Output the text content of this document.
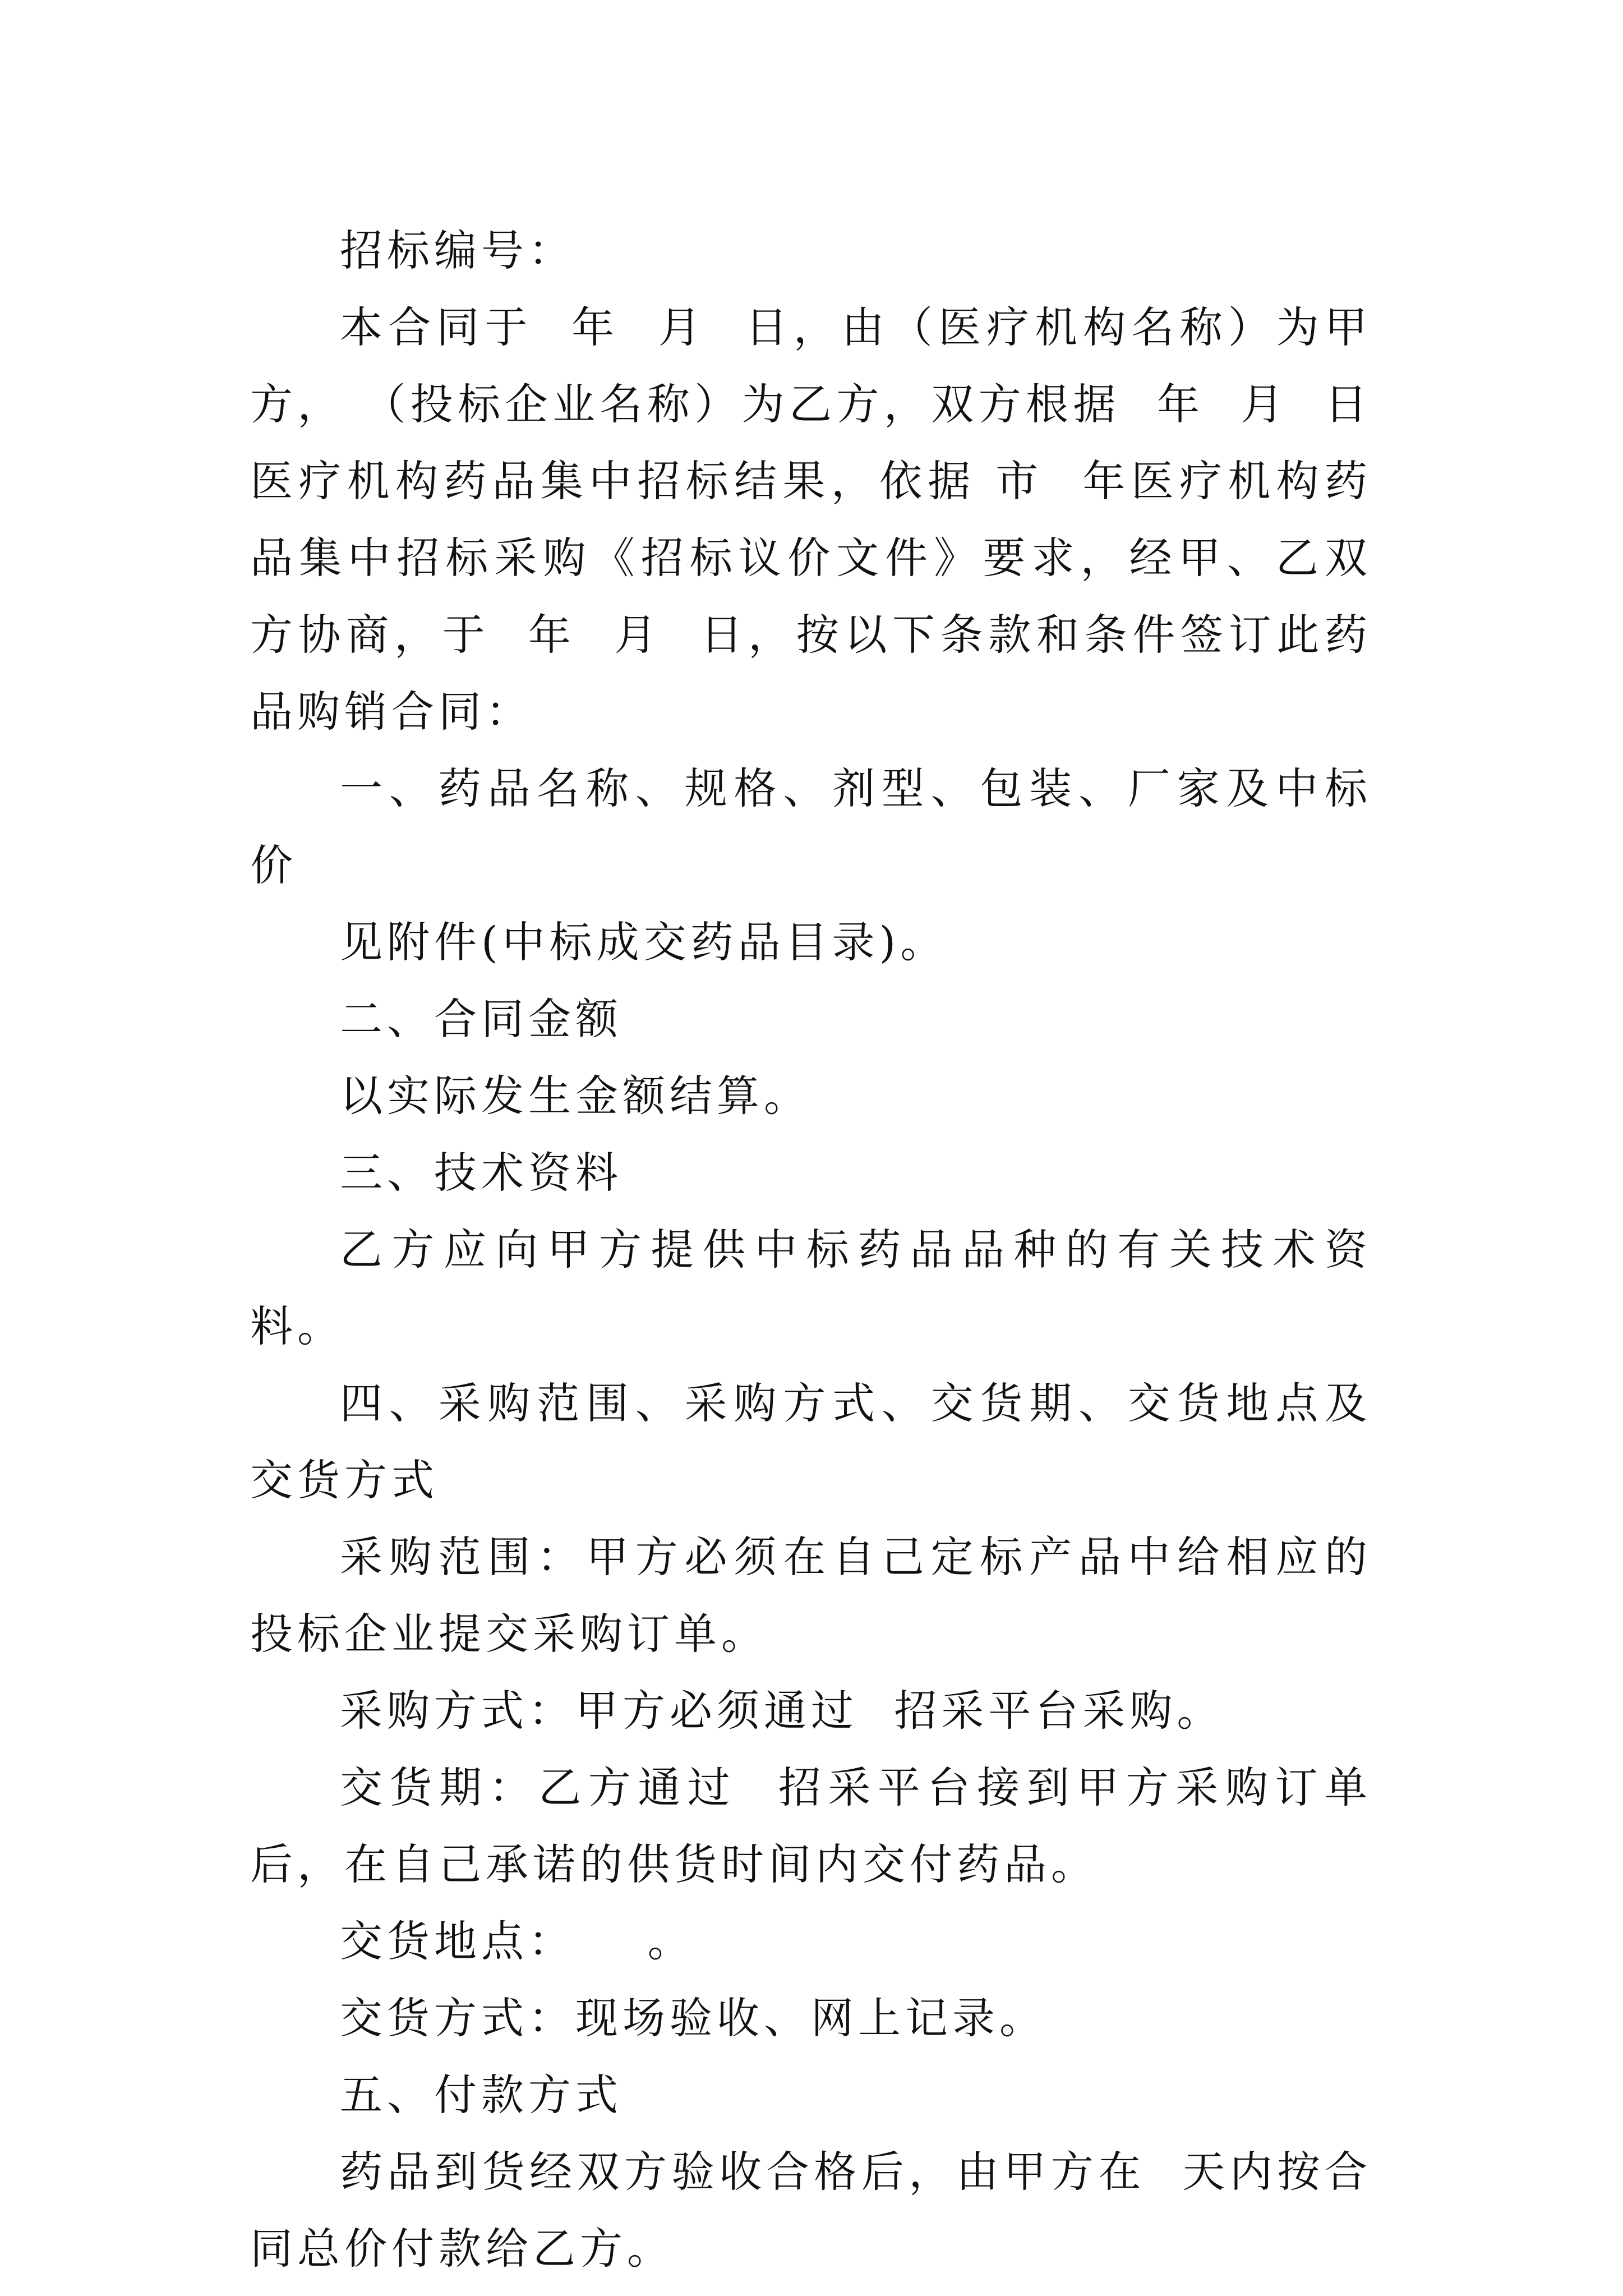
招标编号：

本合同于  年  月  日，由（医疗机构名称）为甲方， （投标企业名称）为乙方，双方根据  年  月  日 医疗机构药品集中招标结果，依据 市  年医疗机构药品集中招标采购《招标议价文件》要求，经甲、乙双方协商，于  年  月  日，按以下条款和条件签订此药品购销合同：

一、药品名称、规格、剂型、包装、厂家及中标价

见附件(中标成交药品目录)。

二、合同金额

以实际发生金额结算。

三、技术资料

乙方应向甲方提供中标药品品种的有关技术资料。

四、采购范围、采购方式、交货期、交货地点及交货方式

采购范围：甲方必须在自己定标产品中给相应的投标企业提交采购订单。

采购方式：甲方必须通过  招采平台采购。

交货期：乙方通过  招采平台接到甲方采购订单后，在自己承诺的供货时间内交付药品。

交货地点：    。

交货方式：现场验收、网上记录。

五、付款方式

药品到货经双方验收合格后，由甲方在  天内按合同总价付款给乙方。
